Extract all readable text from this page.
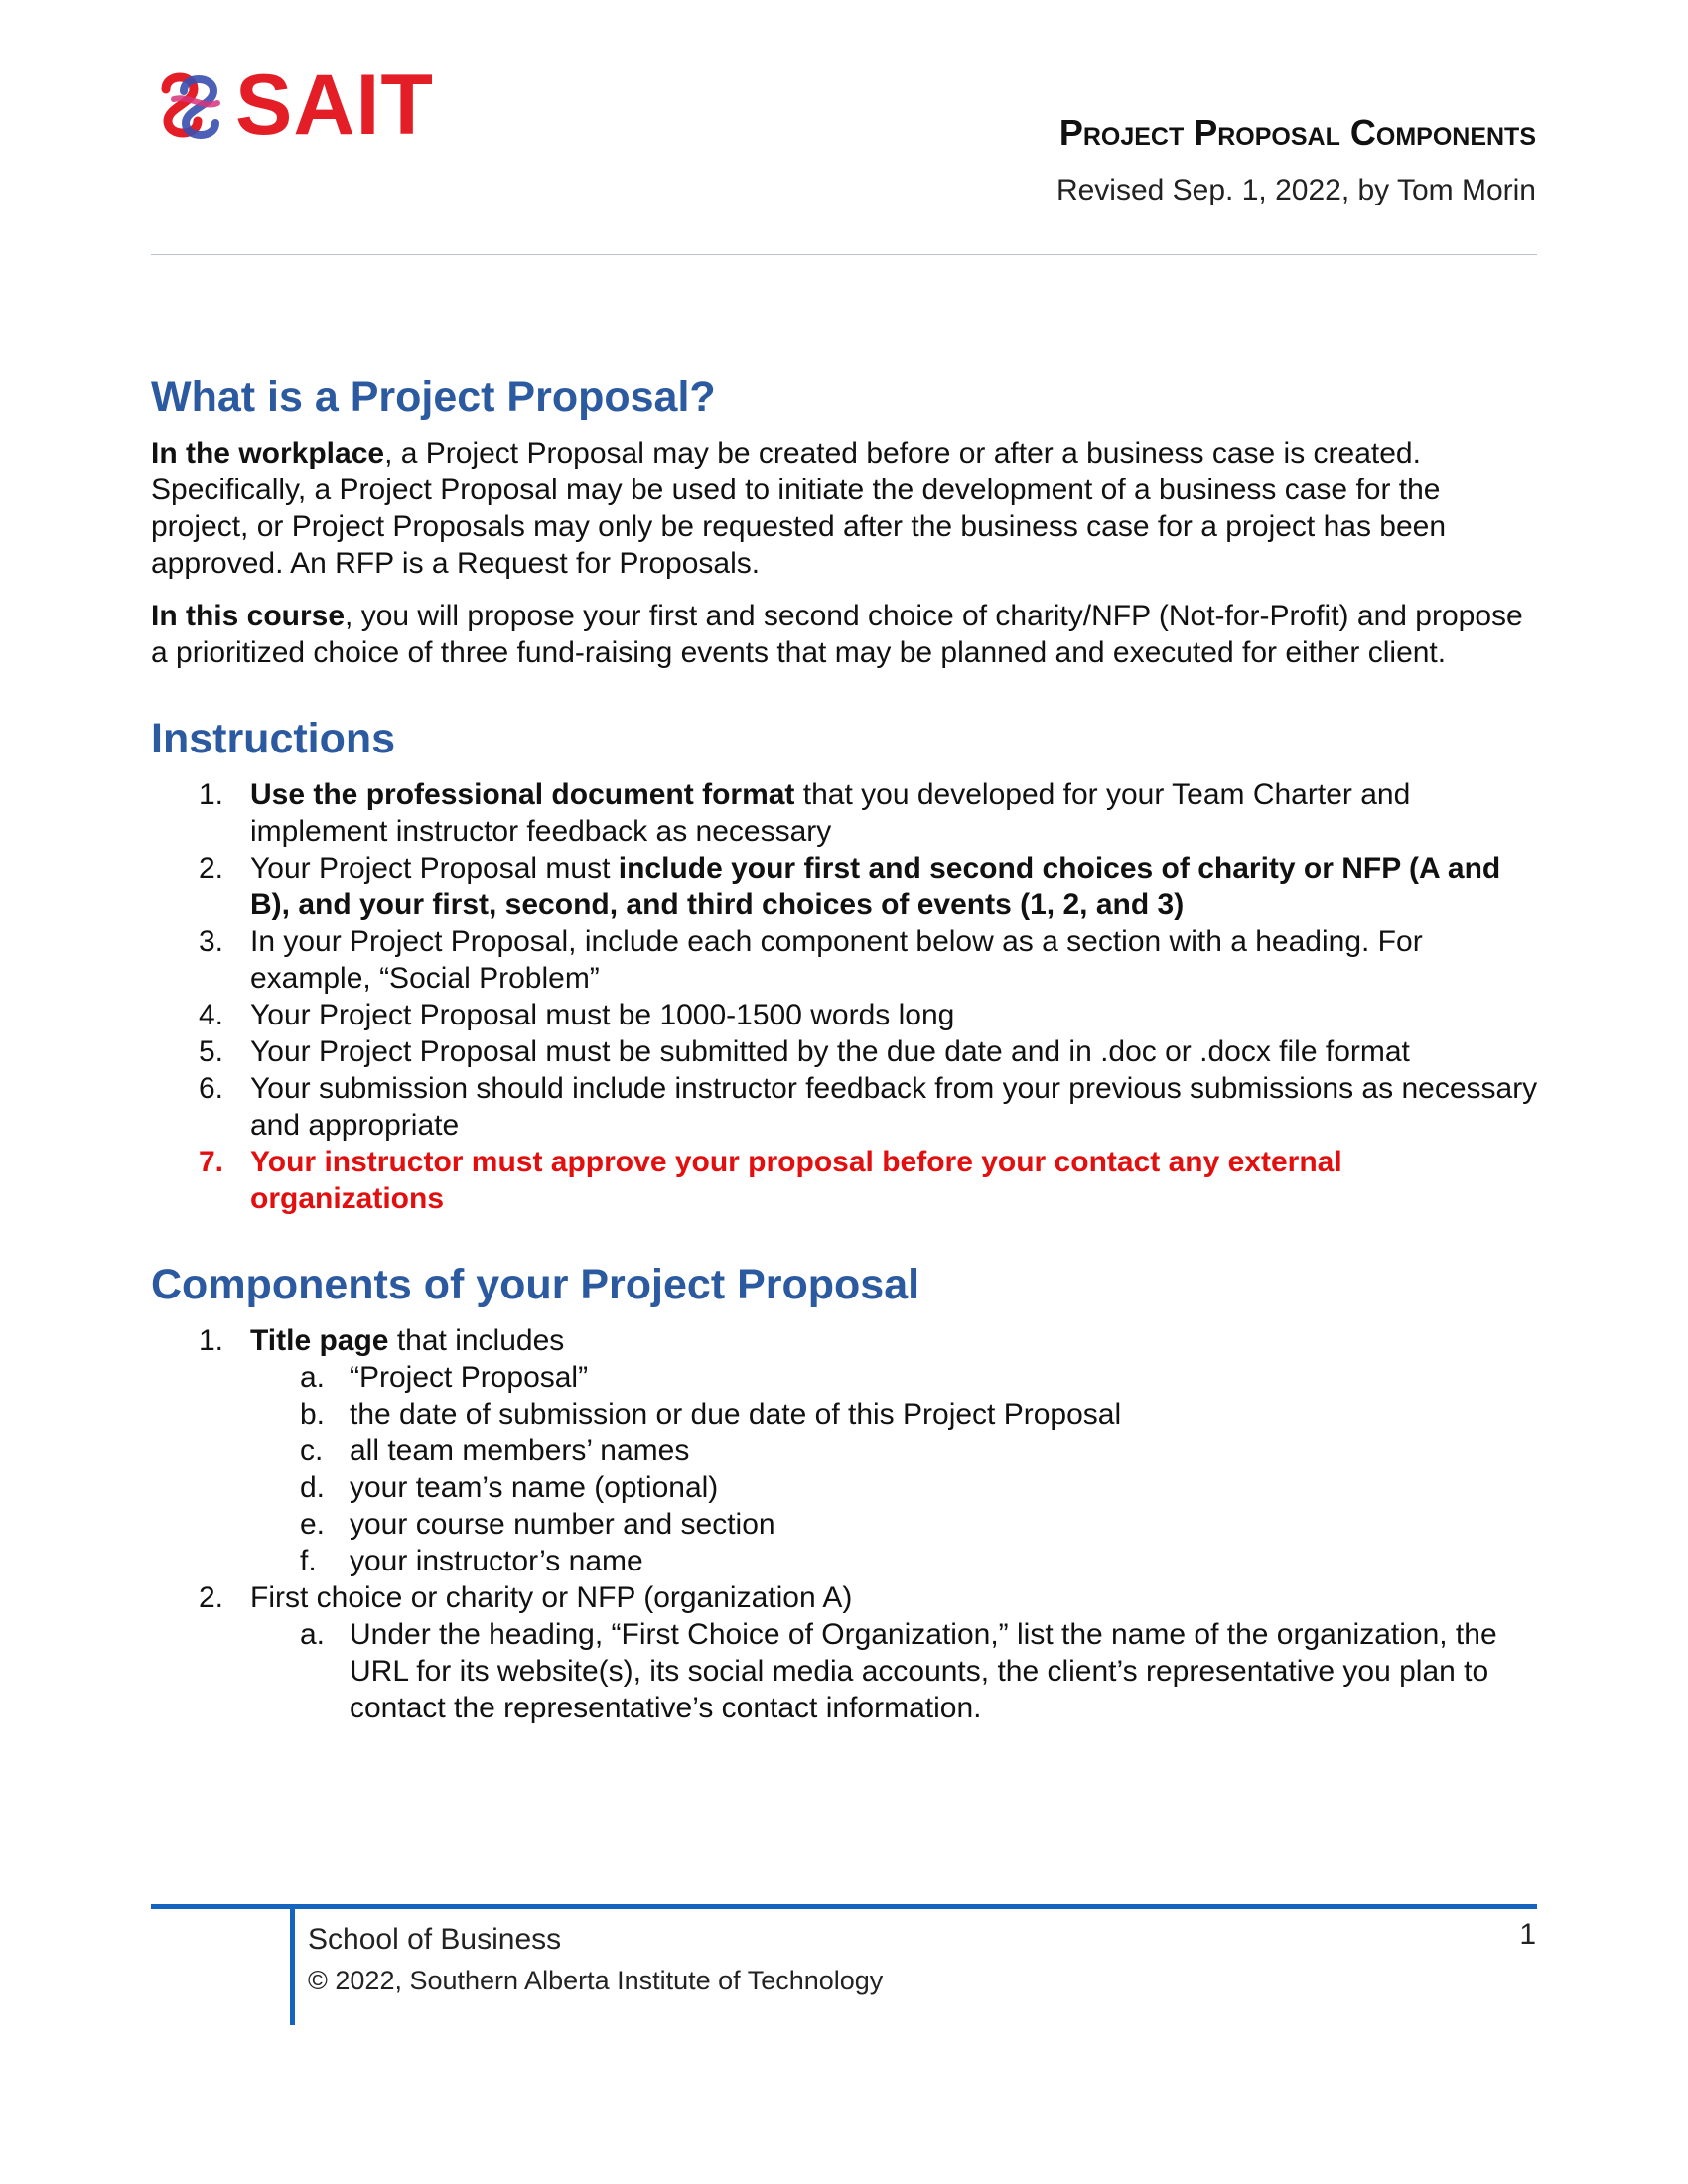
SAIT	Project Proposal Components
Revised Sep. 1, 2022, by Tom Morin
What is a Project Proposal?

In the workplace, a Project Proposal may be created before or after a business case is created. Specifically, a Project Proposal may be used to initiate the development of a business case for the project, or Project Proposals may only be requested after the business case for a project has been approved. An RFP is a Request for Proposals.

In this course, you will propose your first and second choice of charity/NFP (Not-for-Profit) and propose a prioritized choice of three fund-raising events that may be planned and executed for either client.

Instructions
1. Use the professional document format that you developed for your Team Charter and implement instructor feedback as necessary
2. Your Project Proposal must include your first and second choices of charity or NFP (A and B), and your first, second, and third choices of events (1, 2, and 3)
3. In your Project Proposal, include each component below as a section with a heading. For example, “Social Problem”
4. Your Project Proposal must be 1000-1500 words long
5. Your Project Proposal must be submitted by the due date and in .doc or .docx file format
6. Your submission should include instructor feedback from your previous submissions as necessary and appropriate
7. Your instructor must approve your proposal before your contact any external organizations
Components of your Project Proposal
1. Title page that includes
a. “Project Proposal”
b. the date of submission or due date of this Project Proposal
c. all team members’ names
d. your team’s name (optional)
e. your course number and section
f. your instructor’s name
2. First choice or charity or NFP (organization A)
a. Under the heading, “First Choice of Organization,” list the name of the organization, the URL for its website(s), its social media accounts, the client’s representative you plan to contact the representative’s contact information.
School of Business
© 2022, Southern Alberta Institute of Technology
1
